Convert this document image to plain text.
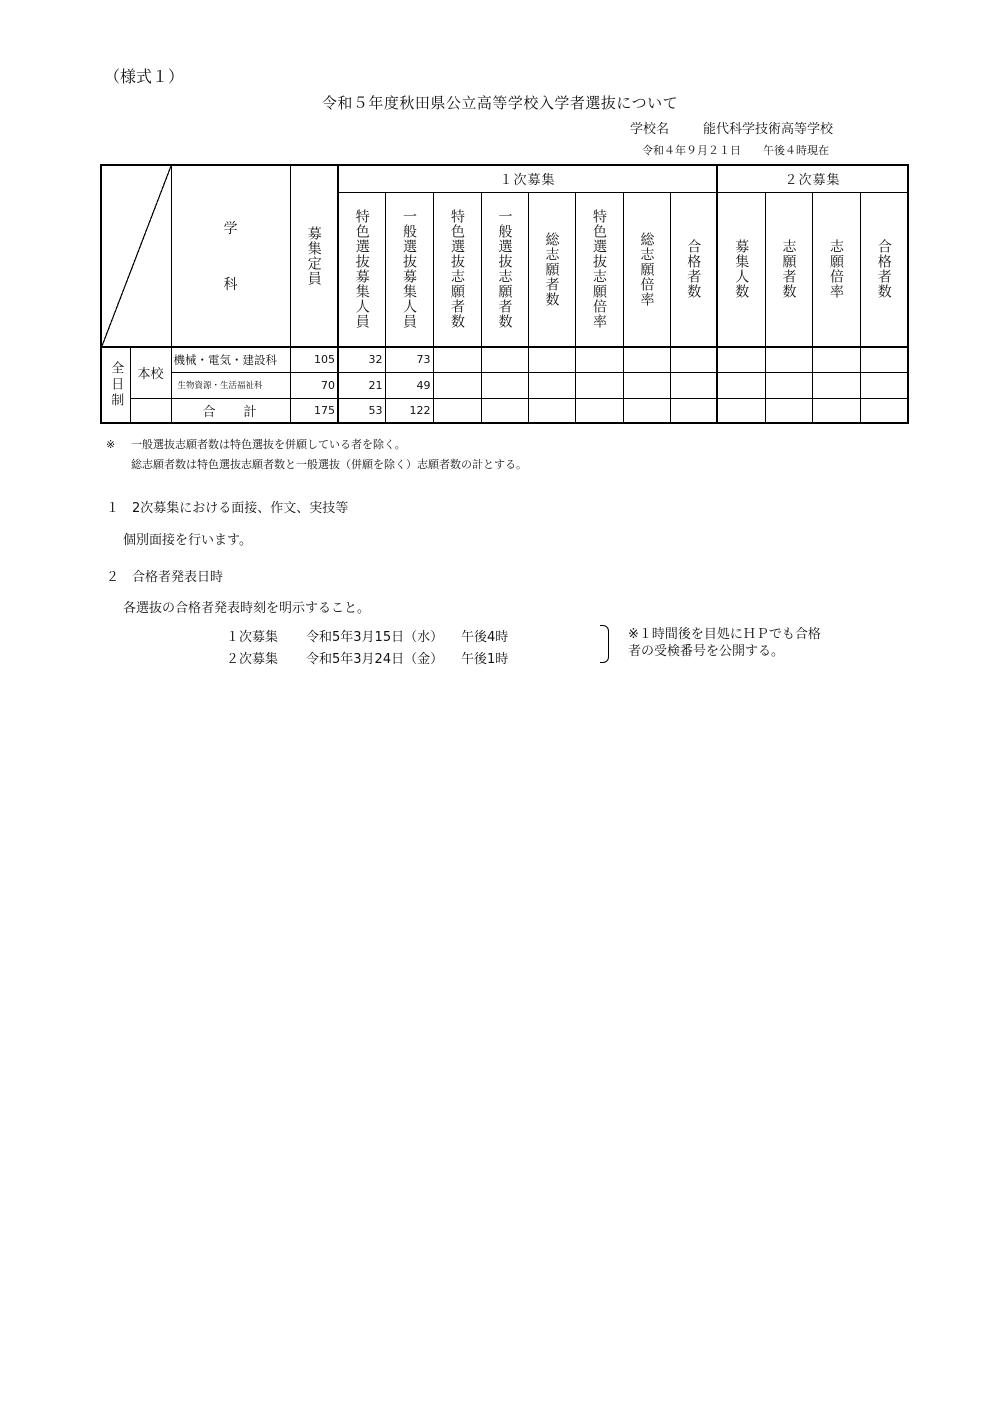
（様式１）
令和５年度秋田県公立高等学校入学者選抜について
学校名	能代科学技術高等学校
令和４年９月２１日 午後４時現在

		学
科	募集定員	１次募集								２次募集			

				特色選抜募集人員	一般選抜募集人員	特色選抜志願者数	一般選抜志願者数	総志願者数	特色選抜志願倍率	総志願倍率	合格者数	募集人数	志願者数	志願倍率	合格者数

全日制	本校	機械・電気・建設科	105	32	73										
		生物資源・生活福祉科	70	21	49										
		合 計	175	53	122										
※ 一般選抜志願者数は特色選抜を併願している者を除く。
総志願者数は特色選抜志願者数と一般選抜（併願を除く）志願者数の計とする。
１　2次募集における面接、作文、実技等
個別面接を行います。
２　合格者発表日時
各選抜の合格者発表時刻を明示すること。
１次募集 令和5年3月15日（水） 午後4時
２次募集 令和5年3月24日（金） 午後1時
※１時間後を目処にＨＰでも合格
者の受検番号を公開する。
